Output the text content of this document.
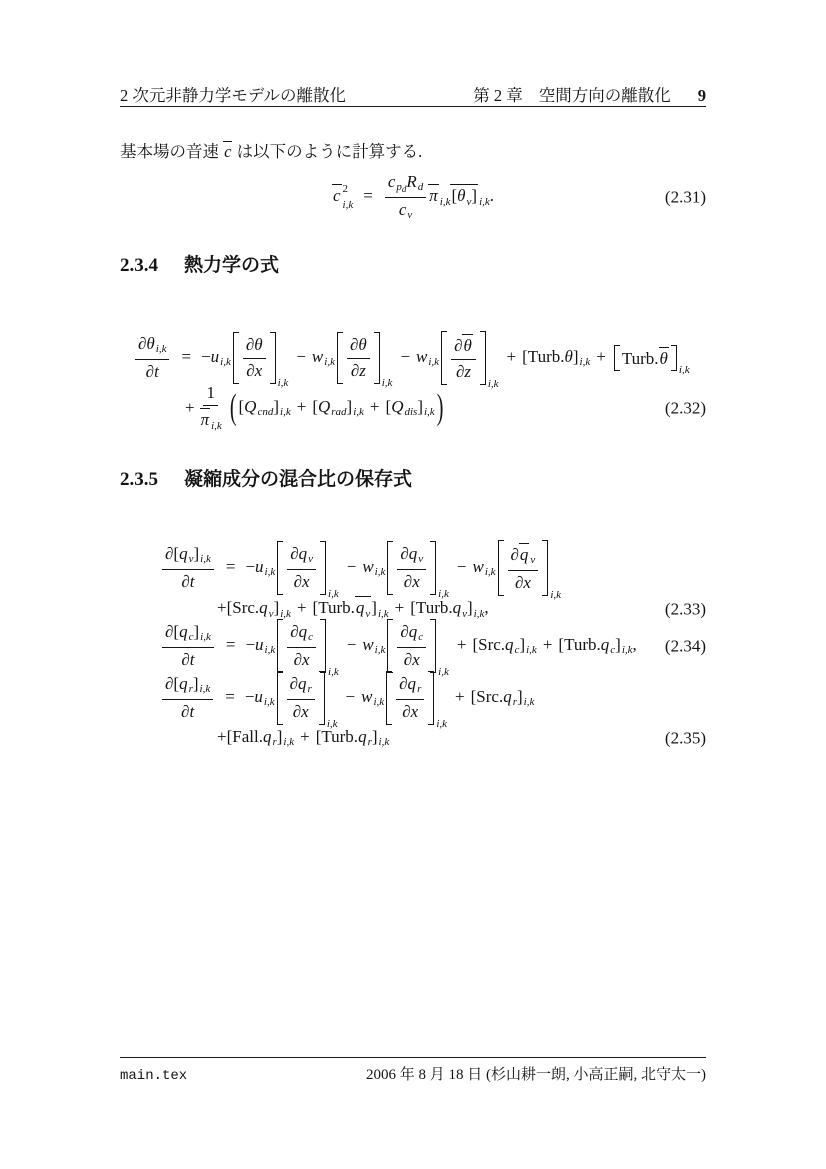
2 次元非静力学モデルの離散化	第 2 章 空間方向の離散化 9

基本場の音速 c は以下のように計算する.

c 2
i,k =
$c_{pd}R_d$
$c_v$
π $_{i,k}[\theta_v]$ $_{i,k}$.	(2.31)
2.3.4 熱力学の式
$\frac{\partial\theta_{i,k}}{\partial t} = -u_{i,k} \frac{\partial\theta}{\partial x}$
i,k
− $w_{i,k} \frac{\partial\theta}{\partial z}$
i,k
− $w_{i,k} \frac{\partial\theta}{\partial z}$
i,k
+ $[Turb.\theta]_{i,k}$ + Turb.θ
i,k
+ $\frac{1}{\pi _{i,k}}$ ( $[Q_{cnd}]_{i,k} + [Q_{rad}]_{i,k} + [Q_{dis}]_{i,k}$ )	(2.32)
2.3.5 凝縮成分の混合比の保存式
$\frac{\partial[q_v]_{i,k}}{\partial t} = -u_{i,k} \frac{\partial q_v}{\partial x}$
i,k
− $w_{i,k} \frac{\partial q_v}{\partial x}$
i,k
− $w_{i,k} \frac{\partial q _v}{\partial x}$
i,k
$+[Src.q_v]_{i,k}$ + $[Turb.q_v]_{i,k}$ + $[Turb.q_v]_{i,k}$,	(2.33)
$\frac{\partial[q_c]_{i,k}}{\partial t} = -u_{i,k} \frac{\partial q_c}{\partial x}$
i,k
− $w_{i,k} \frac{\partial q_c}{\partial x}$
i,k
+ $[Src.q_c]_{i,k}$ + $[Turb.q_c]_{i,k}$, (2.34)
$\frac{\partial[q_r]_{i,k}}{\partial t} = -u_{i,k} \frac{\partial q_r}{\partial x}$
i,k
− $w_{i,k} \frac{\partial q_r}{\partial x}$
i,k
+ $[Src.q_r]_{i,k}$
$+[Fall.q_r]_{i,k}$ + $[Turb.q_r]_{i,k}$	(2.35)
main.tex	2006 年 8 月 18 日 (杉山耕一朗, 小高正嗣, 北守太一)
